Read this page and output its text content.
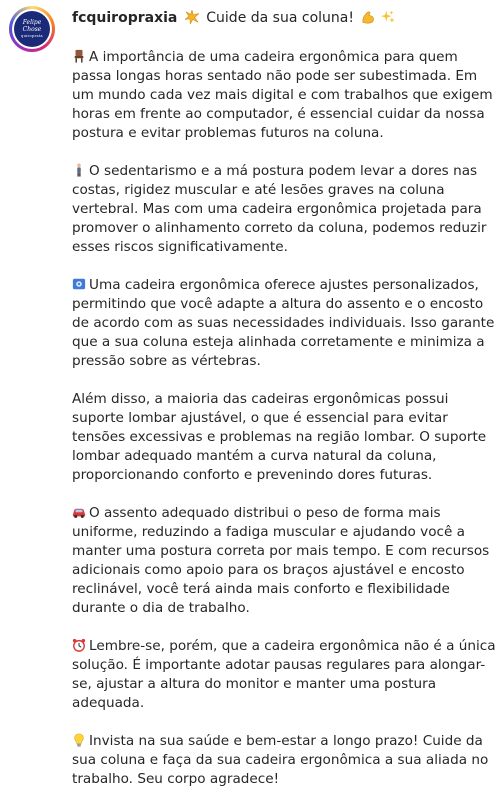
Felipe
Chose
quiroprata
fcquiropraxia Cuide da sua coluna!

A importância de uma cadeira ergonômica para quem passa longas horas sentado não pode ser subestimada. Em um mundo cada vez mais digital e com trabalhos que exigem horas em frente ao computador, é essencial cuidar da nossa postura e evitar problemas futuros na coluna.

O sedentarismo e a má postura podem levar a dores nas costas, rigidez muscular e até lesões graves na coluna vertebral. Mas com uma cadeira ergonômica projetada para promover o alinhamento correto da coluna, podemos reduzir esses riscos significativamente.

Uma cadeira ergonômica oferece ajustes personalizados, permitindo que você adapte a altura do assento e o encosto de acordo com as suas necessidades individuais. Isso garante que a sua coluna esteja alinhada corretamente e minimiza a pressão sobre as vértebras.

Além disso, a maioria das cadeiras ergonômicas possui suporte lombar ajustável, o que é essencial para evitar tensões excessivas e problemas na região lombar. O suporte lombar adequado mantém a curva natural da coluna, proporcionando conforto e prevenindo dores futuras.

O assento adequado distribui o peso de forma mais uniforme, reduzindo a fadiga muscular e ajudando você a manter uma postura correta por mais tempo. E com recursos adicionais como apoio para os braços ajustável e encosto reclinável, você terá ainda mais conforto e flexibilidade durante o dia de trabalho.

Lembre-se, porém, que a cadeira ergonômica não é a única solução. É importante adotar pausas regulares para alongar-se, ajustar a altura do monitor e manter uma postura adequada.

Invista na sua saúde e bem-estar a longo prazo! Cuide da sua coluna e faça da sua cadeira ergonômica a sua aliada no trabalho. Seu corpo agradece!
